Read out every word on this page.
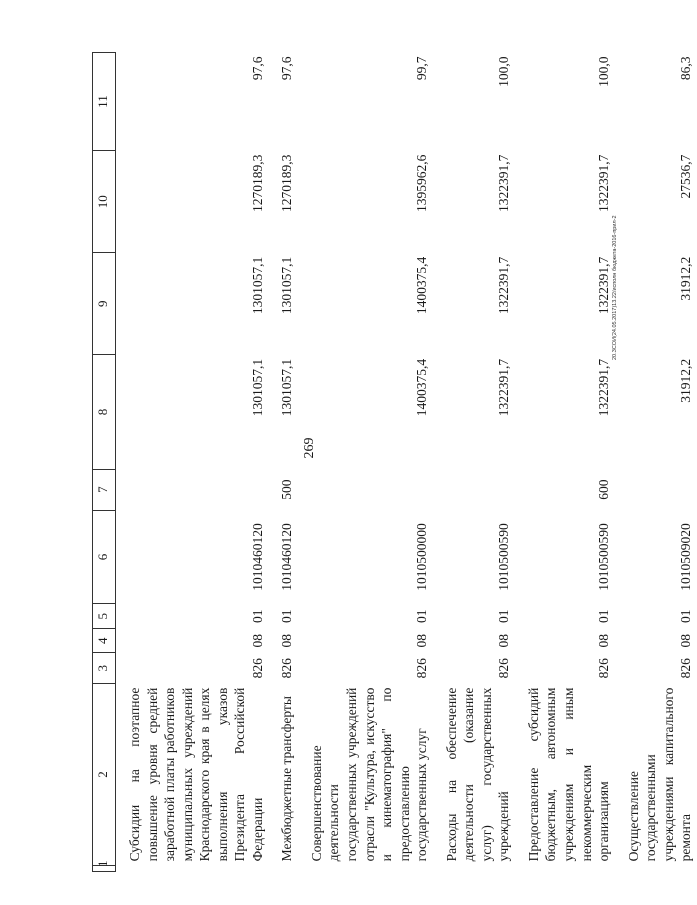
269
1	2	3	4	5	6	7	8	9	10	11
	Субсидии на поэтапное повышение уровня средней заработной платы работников муниципальных учреждений Краснодарского края в целях выполнения указов Президента Российской Федерации	826	08	01	1010460120		1301057,1	1301057,1	1270189,3	97,6
	Межбюджетные трансферты	826	08	01	1010460120	500	1301057,1	1301057,1	1270189,3	97,6
	Совершенствование деятельности государственных учреждений отрасли "Культура, искусство и кинематография" по предоставлению государственных услуг	826	08	01	1010500000		1400375,4	1400375,4	1395962,6	99,7
	Расходы на обеспечение деятельности (оказание услуг) государственных учреждений	826	08	01	1010500590		1322391,7	1322391,7	1322391,7	100,0
	Предоставление субсидий бюджетным, автономным учреждениям и иным некоммерческим организациям	826	08	01	1010500590	600	1322391,7	1322391,7	1322391,7	100,0
	Осуществление государственными учреждениями капитального ремонта	826	08	01	1010509020		31912,2	31912,2	27536,7	86,3
20.ЗСОИ(24.05.2017)13.22/исполн бюджета-2016-прил-2
